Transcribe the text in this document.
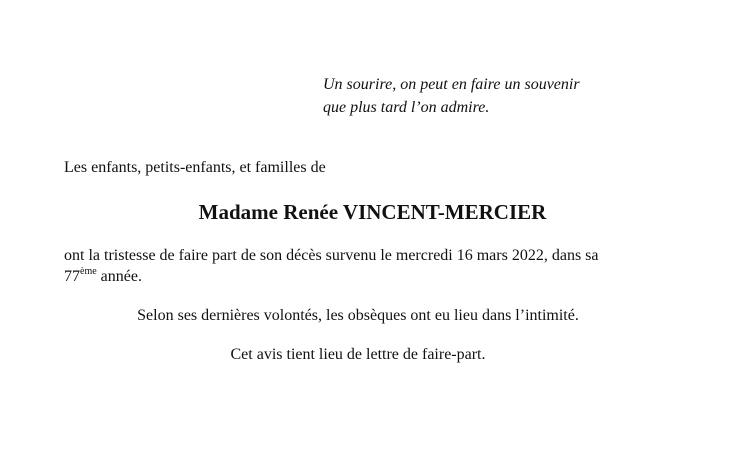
Un sourire, on peut en faire un souvenir
que plus tard l’on admire.
Les enfants, petits-enfants, et familles de
Madame Renée VINCENT-MERCIER
ont la tristesse de faire part de son décès survenu le mercredi 16 mars 2022, dans sa
77ème année.
Selon ses dernières volontés, les obsèques ont eu lieu dans l’intimité.
Cet avis tient lieu de lettre de faire-part.
